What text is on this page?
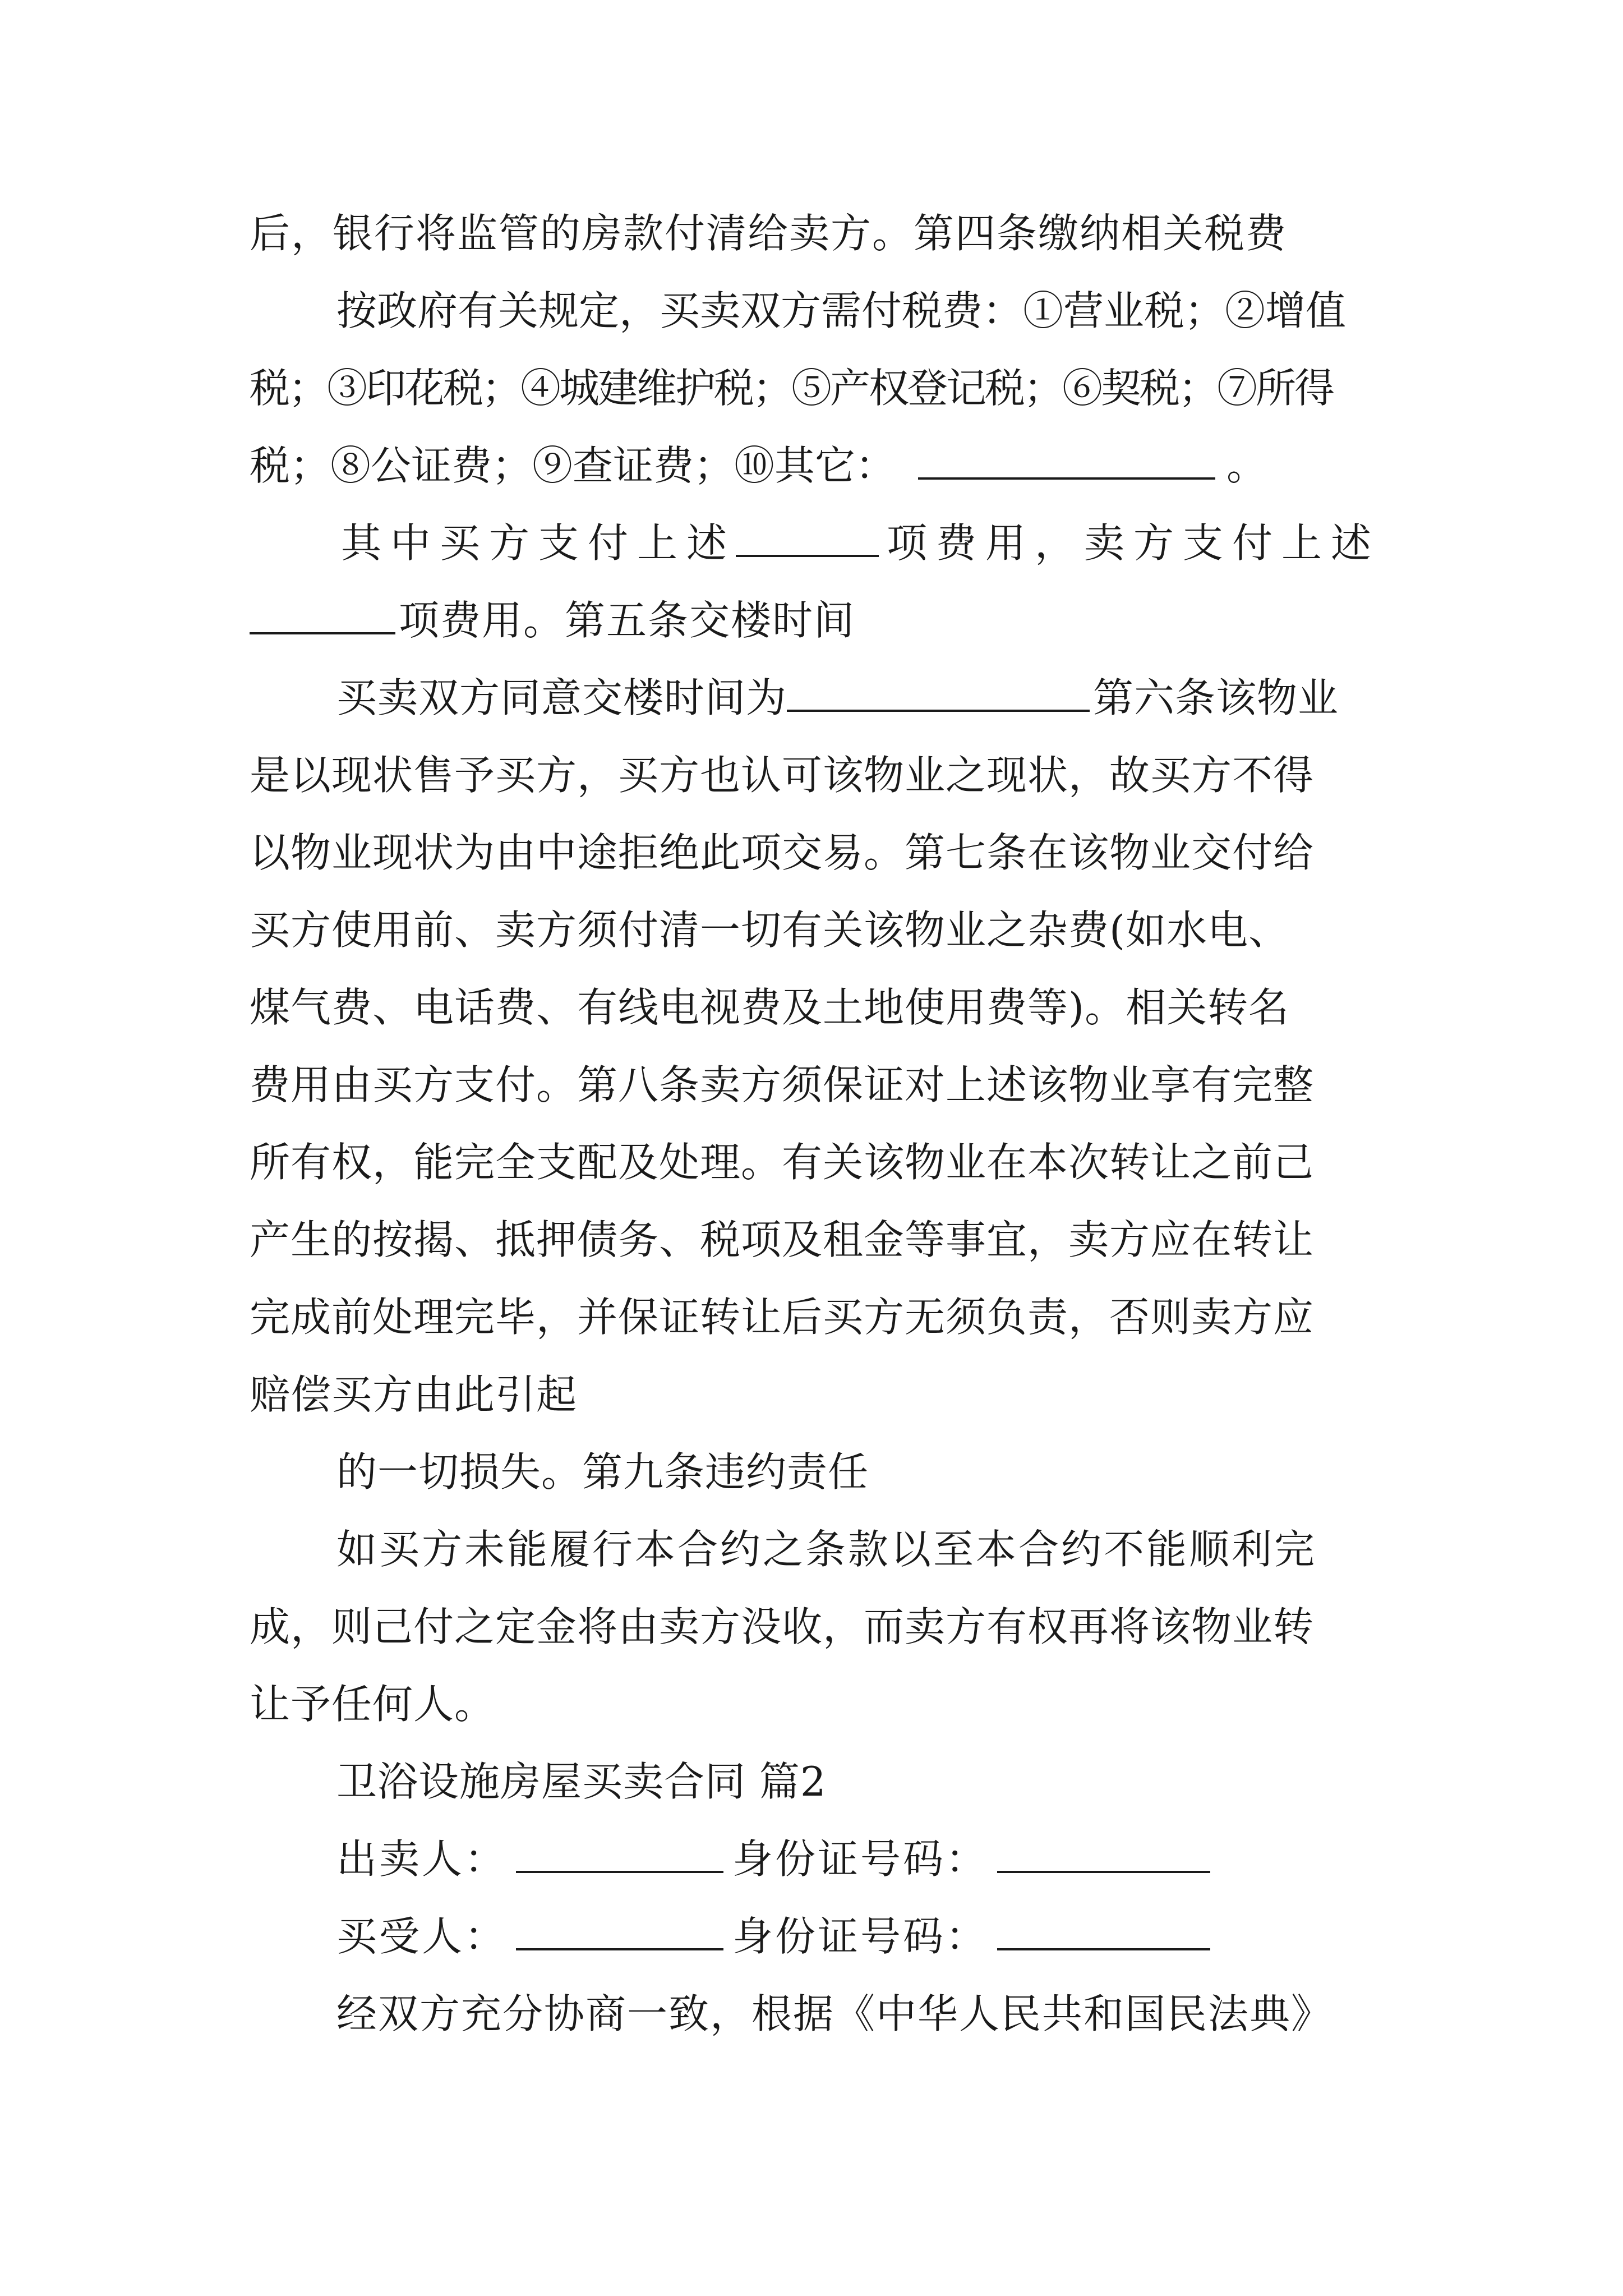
后，银行将监管的房款付清给卖方。第四条缴纳相关税费
按政府有关规定，买卖双方需付税费：①营业税；②增值
税；③印花税；④城建维护税；⑤产权登记税；⑥契税；⑦所得
税；⑧公证费；⑨查证费；⑩其它：	。
其中买方支付上述	项费用，卖方支付上述
项费用。第五条交楼时间
买卖双方同意交楼时间为	第六条该物业
是以现状售予买方，买方也认可该物业之现状，故买方不得
以物业现状为由中途拒绝此项交易。第七条在该物业交付给
买方使用前、卖方须付清一切有关该物业之杂费(如水电、
煤气费、电话费、有线电视费及土地使用费等)。相关转名
费用由买方支付。第八条卖方须保证对上述该物业享有完整
所有权，能完全支配及处理。有关该物业在本次转让之前己
产生的按揭、抵押债务、税项及租金等事宜，卖方应在转让
完成前处理完毕，并保证转让后买方无须负责，否则卖方应
赔偿买方由此引起
的一切损失。第九条违约责任
如买方未能履行本合约之条款以至本合约不能顺利完
成，则己付之定金将由卖方没收，而卖方有权再将该物业转
让予任何人。
卫浴设施房屋买卖合同 篇2
出卖人：	身份证号码：
买受人：	身份证号码：
经双方充分协商一致，根据《中华人民共和国民法典》
